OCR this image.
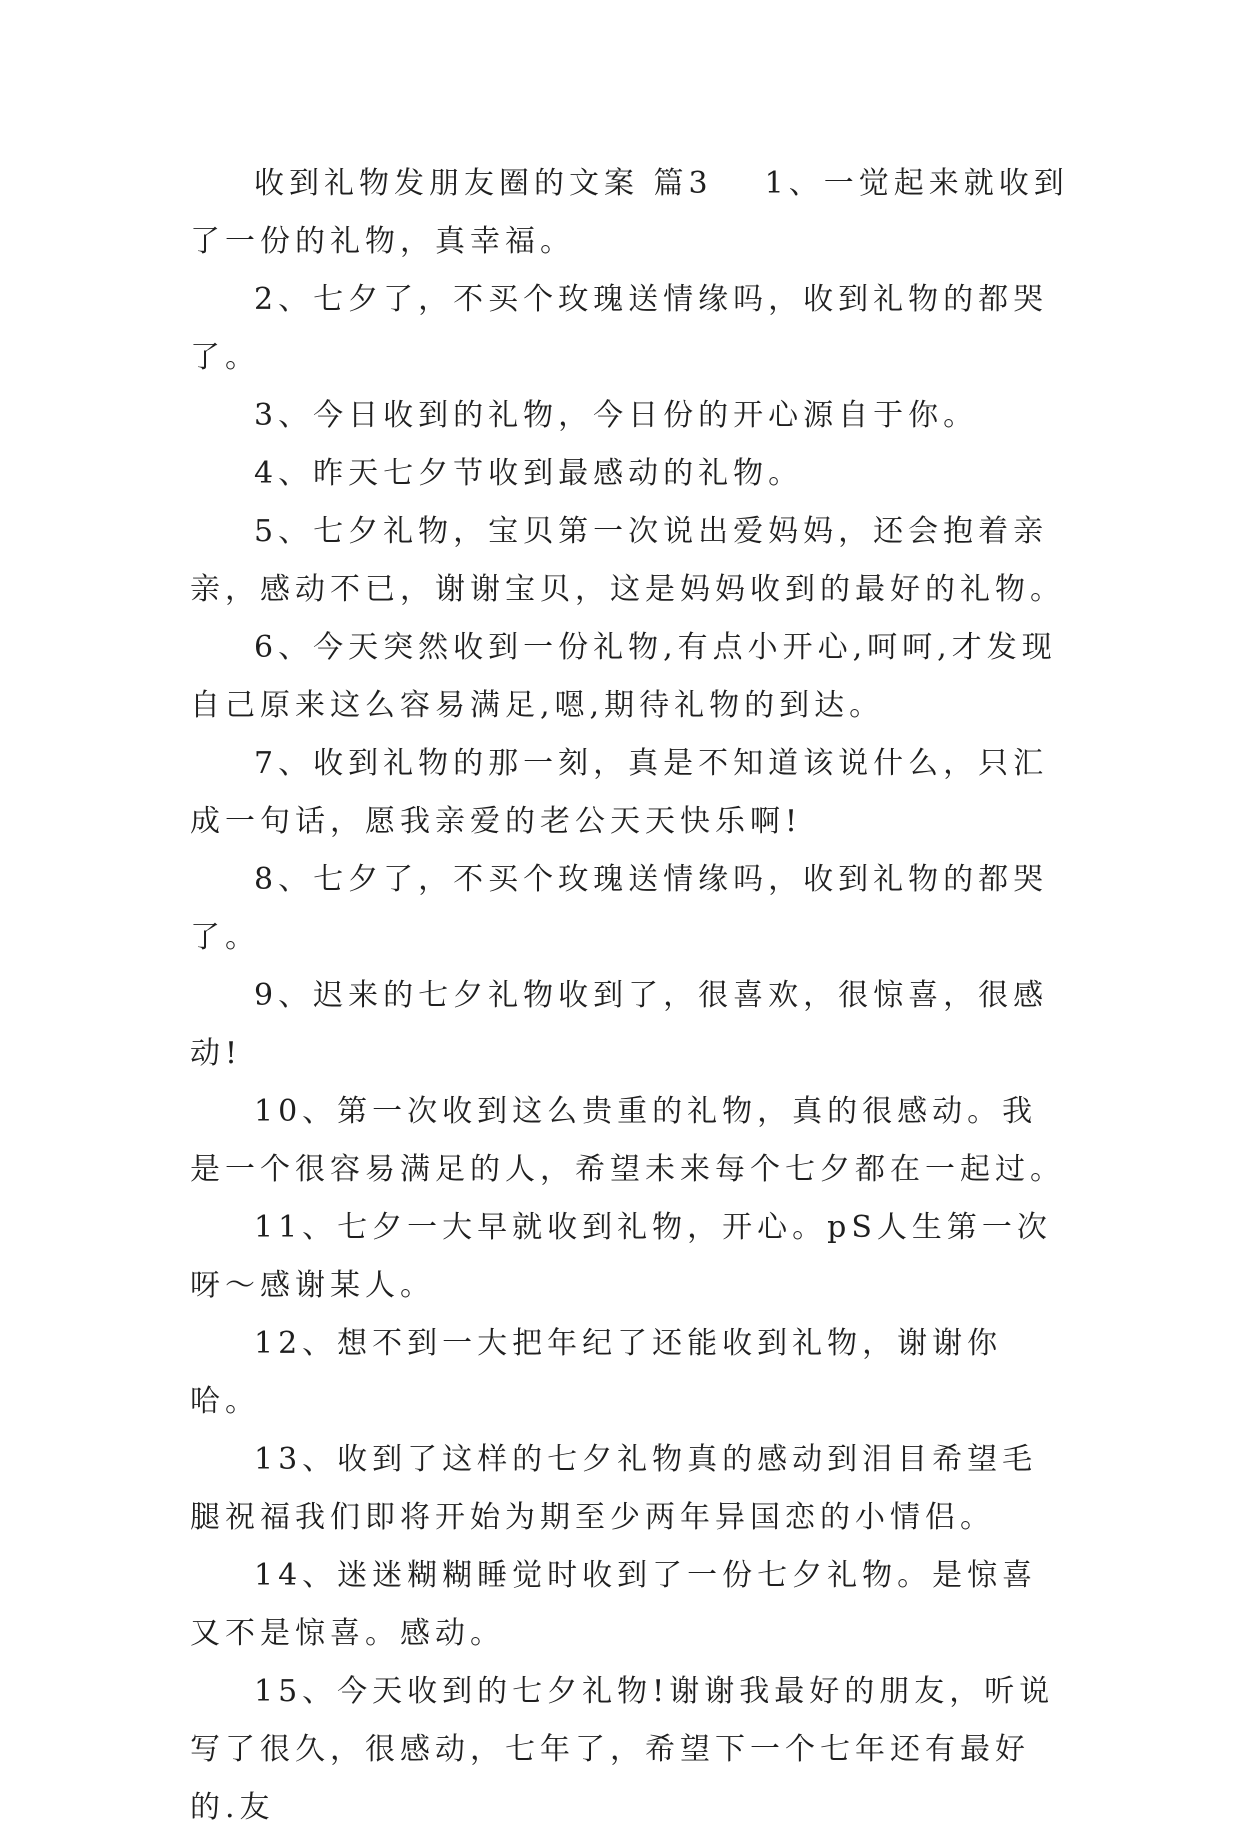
收到礼物发朋友圈的文案 篇3 1、一觉起来就收到了一份的礼物，真幸福。

2、七夕了，不买个玫瑰送情缘吗，收到礼物的都哭了。

3、今日收到的礼物，今日份的开心源自于你。

4、昨天七夕节收到最感动的礼物。

5、七夕礼物，宝贝第一次说出爱妈妈，还会抱着亲亲，感动不已，谢谢宝贝，这是妈妈收到的最好的礼物。

6、今天突然收到一份礼物,有点小开心,呵呵,才发现自己原来这么容易满足,嗯,期待礼物的到达。

7、收到礼物的那一刻，真是不知道该说什么，只汇成一句话，愿我亲爱的老公天天快乐啊!

8、七夕了，不买个玫瑰送情缘吗，收到礼物的都哭了。

9、迟来的七夕礼物收到了，很喜欢，很惊喜，很感动!

10、第一次收到这么贵重的礼物，真的很感动。我是一个很容易满足的人，希望未来每个七夕都在一起过。

11、七夕一大早就收到礼物，开心。pS人生第一次呀～感谢某人。

12、想不到一大把年纪了还能收到礼物，谢谢你哈。

13、收到了这样的七夕礼物真的感动到泪目希望毛腿祝福我们即将开始为期至少两年异国恋的小情侣。

14、迷迷糊糊睡觉时收到了一份七夕礼物。是惊喜又不是惊喜。感动。

15、今天收到的七夕礼物!谢谢我最好的朋友，听说写了很久，很感动，七年了，希望下一个七年还有最好的.友
